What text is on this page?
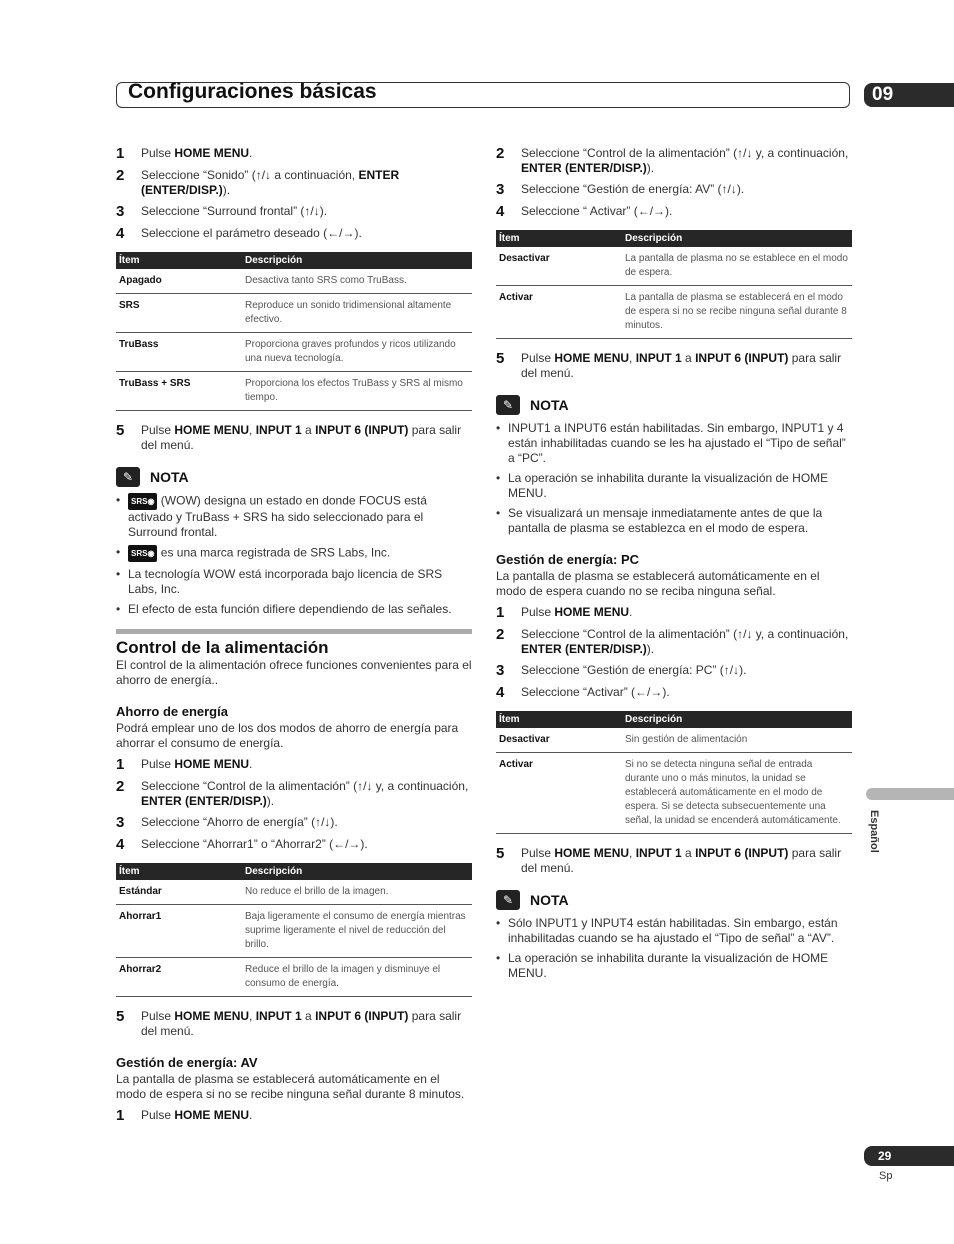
Configuraciones básicas	09
1	Pulse HOME MENU.
2	Seleccione “Sonido” (↑/↓ a continuación, ENTER (ENTER/DISP.)).
3	Seleccione “Surround frontal” (↑/↓).
4	Seleccione el parámetro deseado (←/→).
Ítem	Descripción
Apagado	Desactiva tanto SRS como TruBass.
SRS	Reproduce un sonido tridimensional altamente efectivo.
TruBass	Proporciona graves profundos y ricos utilizando una nueva tecnología.
TruBass + SRS	Proporciona los efectos TruBass y SRS al mismo tiempo.
5	Pulse HOME MENU, INPUT 1 a INPUT 6 (INPUT) para salir del menú.
✎ NOTA
• SRS◉ (WOW) designa un estado en donde FOCUS está activado y TruBass + SRS ha sido seleccionado para el Surround frontal.
• SRS◉ es una marca registrada de SRS Labs, Inc.
• La tecnología WOW está incorporada bajo licencia de SRS Labs, Inc.
• El efecto de esta función difiere dependiendo de las señales.
Control de la alimentación
El control de la alimentación ofrece funciones convenientes para el ahorro de energía..
Ahorro de energía
Podrá emplear uno de los dos modos de ahorro de energía para ahorrar el consumo de energía.
1	Pulse HOME MENU.
2	Seleccione “Control de la alimentación” (↑/↓ y, a continuación, ENTER (ENTER/DISP.)).
3	Seleccione “Ahorro de energía” (↑/↓).
4	Seleccione “Ahorrar1” o “Ahorrar2” (←/→).
Ítem	Descripción
Estándar	No reduce el brillo de la imagen.
Ahorrar1	Baja ligeramente el consumo de energía mientras suprime ligeramente el nivel de reducción del brillo.
Ahorrar2	Reduce el brillo de la imagen y disminuye el consumo de energía.
5	Pulse HOME MENU, INPUT 1 a INPUT 6 (INPUT) para salir del menú.
Gestión de energía: AV
La pantalla de plasma se establecerá automáticamente en el modo de espera si no se recibe ninguna señal durante 8 minutos.
1	Pulse HOME MENU.
2	Seleccione “Control de la alimentación” (↑/↓ y, a continuación, ENTER (ENTER/DISP.)).
3	Seleccione “Gestión de energía: AV” (↑/↓).
4	Seleccione “ Activar” (←/→).
Ítem	Descripción
Desactivar	La pantalla de plasma no se establece en el modo de espera.
Activar	La pantalla de plasma se establecerá en el modo de espera si no se recibe ninguna señal durante 8 minutos.
5	Pulse HOME MENU, INPUT 1 a INPUT 6 (INPUT) para salir del menú.
✎ NOTA
• INPUT1 a INPUT6 están habilitadas. Sin embargo, INPUT1 y 4 están inhabilitadas cuando se les ha ajustado el “Tipo de señal” a “PC”.
• La operación se inhabilita durante la visualización de HOME MENU.
• Se visualizará un mensaje inmediatamente antes de que la pantalla de plasma se establezca en el modo de espera.
Gestión de energía: PC
La pantalla de plasma se establecerá automáticamente en el modo de espera cuando no se reciba ninguna señal.
1	Pulse HOME MENU.
2	Seleccione “Control de la alimentación” (↑/↓ y, a continuación, ENTER (ENTER/DISP.)).
3	Seleccione “Gestión de energía: PC” (↑/↓).
4	Seleccione “Activar” (←/→).
Ítem	Descripción
Desactivar	Sin gestión de alimentación
Activar	Si no se detecta ninguna señal de entrada durante uno o más minutos, la unidad se establecerá automáticamente en el modo de espera. Si se detecta subsecuentemente una señal, la unidad se encenderá automáticamente.
5	Pulse HOME MENU, INPUT 1 a INPUT 6 (INPUT) para salir del menú.
✎ NOTA
• Sólo INPUT1 y INPUT4 están habilitadas. Sin embargo, están inhabilitadas cuando se ha ajustado el “Tipo de señal” a “AV”.
• La operación se inhabilita durante la visualización de HOME MENU.
Español
29
Sp
